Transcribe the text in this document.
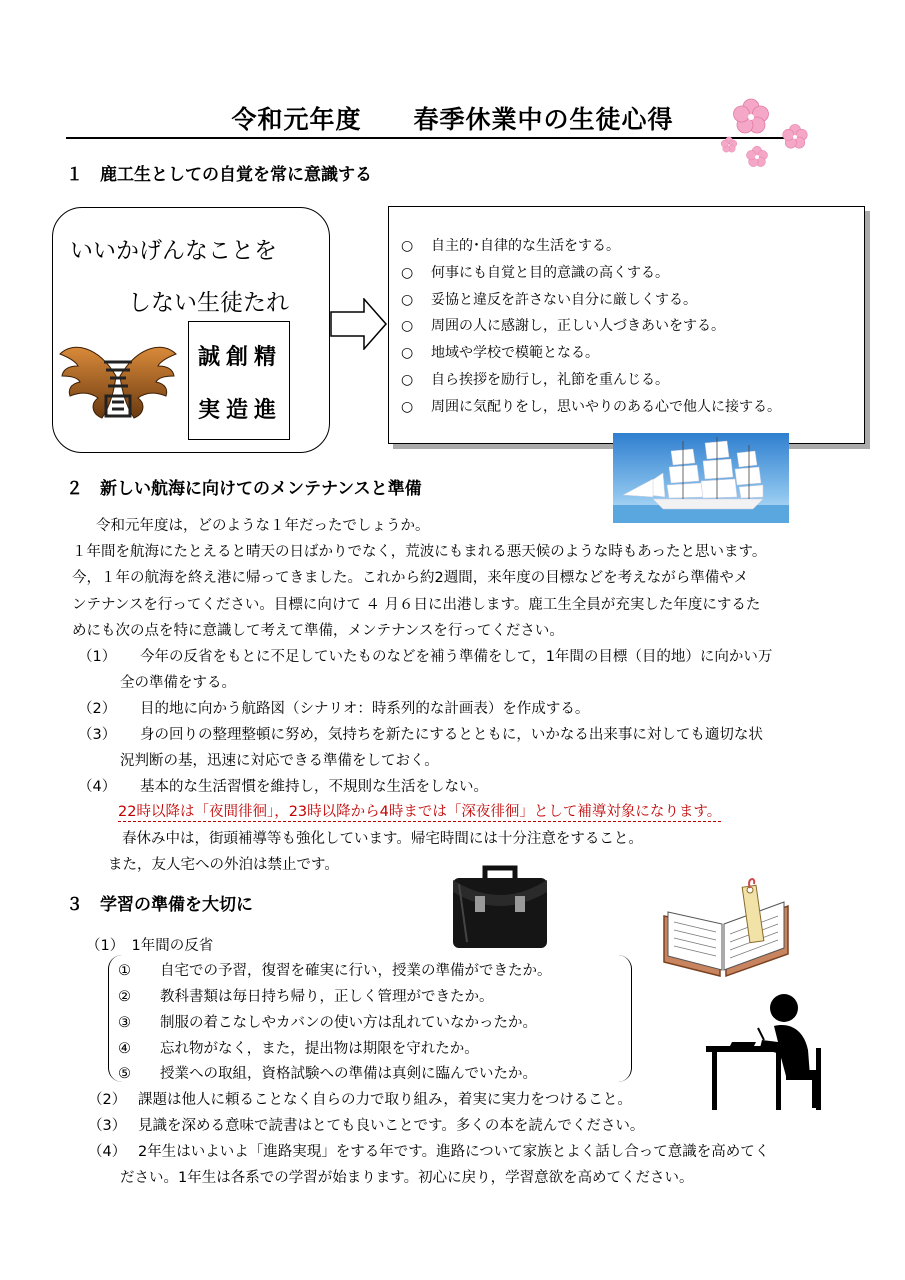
令和元年度　　春季休業中の生徒心得
１　鹿工生としての自覚を常に意識する
いいかげんなことを
しない生徒たれ
誠創精
実造進
○ 自主的･自律的な生活をする。
○ 何事にも自覚と目的意識の高くする。
○ 妥協と違反を許さない自分に厳しくする。
○ 周囲の人に感謝し，正しい人づきあいをする。
○ 地域や学校で模範となる。
○ 自ら挨拶を励行し，礼節を重んじる。
○ 周囲に気配りをし，思いやりのある心で他人に接する。
２　新しい航海に向けてのメンテナンスと準備
令和元年度は，どのような１年だったでしょうか。
１年間を航海にたとえると晴天の日ばかりでなく，荒波にもまれる悪天候のような時もあったと思います。
今，１年の航海を終え港に帰ってきました。これから約2週間，来年度の目標などを考えながら準備やメ
ンテナンスを行ってください。目標に向けて ４ 月６日に出港します。鹿工生全員が充実した年度にするた
めにも次の点を特に意識して考えて準備，メンテナンスを行ってください。
（1） 今年の反省をもとに不足していたものなどを補う準備をして，1年間の目標（目的地）に向かい万
全の準備をする。
（2） 目的地に向かう航路図（シナリオ：時系列的な計画表）を作成する。
（3） 身の回りの整理整頓に努め，気持ちを新たにするとともに，いかなる出来事に対しても適切な状
況判断の基，迅速に対応できる準備をしておく。
（4） 基本的な生活習慣を維持し，不規則な生活をしない。
22時以降は「夜間徘徊」，23時以降から4時までは「深夜徘徊」として補導対象になります。
春休み中は，街頭補導等も強化しています。帰宅時間には十分注意をすること。
また，友人宅への外泊は禁止です。
３　学習の準備を大切に
（1）　1年間の反省
① 自宅での予習，復習を確実に行い，授業の準備ができたか。
② 教科書類は毎日持ち帰り，正しく管理ができたか。
③ 制服の着こなしやカバンの使い方は乱れていなかったか。
④ 忘れ物がなく，また，提出物は期限を守れたか。
⑤ 授業への取組，資格試験への準備は真剣に臨んでいたか。
（2） 課題は他人に頼ることなく自らの力で取り組み，着実に実力をつけること。
（3） 見識を深める意味で読書はとても良いことです。多くの本を読んでください。
（4） 2年生はいよいよ「進路実現」をする年です。進路について家族とよく話し合って意識を高めてく
ださい。1年生は各系での学習が始まります。初心に戻り，学習意欲を高めてください。
